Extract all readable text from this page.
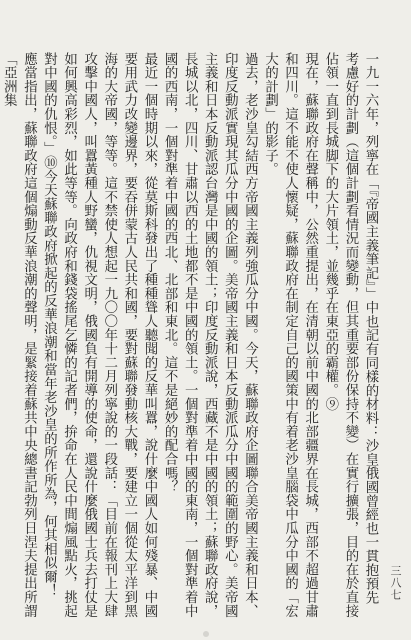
一九一六年，列寧在「『帝國主義筆記』」中也記有同樣的材料：沙皇俄國曾經也一貫抱預先考慮好的計劃（這個計劃看情況而變動，但其重要部份保持不變）在實行擴張，目的在於直接佔領一直到長城脚下的大片領土，並幾乎在東亞的霸權。⑨

現在，蘇聯政府在聲稱中，公然重提出，在清朝以前中國的北部疆界在長城，西部不超過甘肅和四川。這不能不使人懷疑，蘇聯政府在制定自己的國策中有着老沙皇腦袋中瓜分中國的「宏大的計劃」的影子。

過去，老沙皇勾結西方帝國主義列強瓜分中國。今天，蘇聯政府企圖聯合美帝國主義和日本、印度反動派實現其瓜分中國的企圖。美帝國主義和日本反動派瓜分中國的範圍的野心。美帝國主義和日本反動派認台灣是中國的領土；印度反動派說，西藏不是中國的領土；蘇聯政府說，長城以北，四川、甘肅以西的土地都不是中國的領土。一個對準着中國的東南，一個對準着中國的西南，一個對準着中國的西北、北部和東北。這不是絕妙的配合嗎？

最近一個時期以來，從莫斯科發出了種種聳人聽聞的反華叫囂，說什麼中國人如何殘暴、中國要用武力改變邊界，要吞併蒙古人民共和國，要對蘇聯發動核大戰，要建立一個從太平洋到黑海的大帝國，等等。這不禁使人想起一九〇〇年十二月列寧說的一段話：「目前在報刊上大肆攻擊中國人，叫囂黃種人野蠻，仇視文明，俄國負有開導的使命，還說什麼俄國士兵去打仗是如何興高彩烈，如此等等。向政府和錢袋搖尾乞憐的記者們，拚命在人民中間煽風點火，挑起對中國的仇恨。」⑩今天蘇聯政府掀起的反華浪潮和當年老沙皇的所作所為，何其相似爾！

應當指出，蘇聯政府這個煽動反華浪潮的聲明，是緊接着蘇共中央總書記勃列日涅夫提出所謂「亞洲集

三八七
